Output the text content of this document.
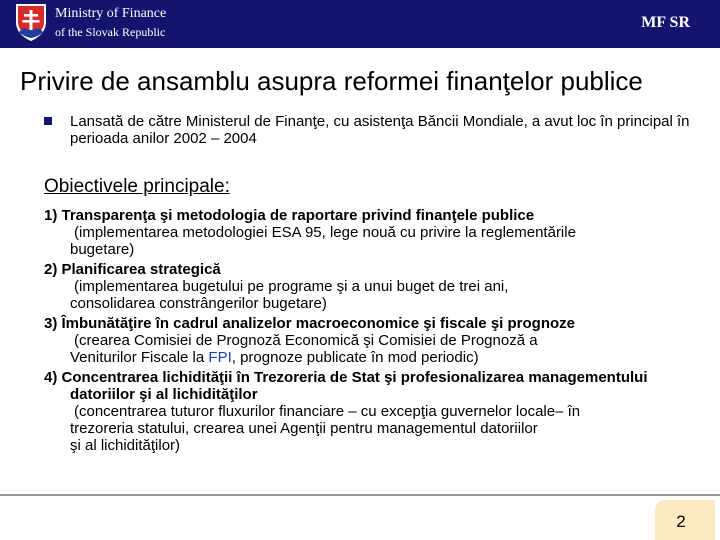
Ministry of Finance
of the Slovak Republic
MF SR
Privire de ansamblu asupra reformei finanţelor publice
Lansată de către Ministerul de Finanţe, cu asistenţa Băncii Mondiale, a avut loc în principal în perioada anilor 2002 – 2004
Obiectivele principale:
1) Transparenţa şi metodologia de raportare privind finanţele publice
(implementarea metodologiei ESA 95, lege nouă cu privire la reglementările
bugetare)
2) Planificarea strategică
(implementarea bugetului pe programe şi a unui buget de trei ani,
consolidarea constrângerilor bugetare)
3) Îmbunătăţire în cadrul analizelor macroeconomice şi fiscale şi prognoze
(crearea Comisiei de Prognoză Economică şi Comisiei de Prognoză a
Veniturilor Fiscale la FPI, prognoze publicate în mod periodic)
4) Concentrarea lichidităţii în Trezoreria de Stat şi profesionalizarea managementului datoriilor şi al lichidităţilor
(concentrarea tuturor fluxurilor financiare – cu excepţia guvernelor locale– în
trezoreria statului, crearea unei Agenţii pentru managementul datoriilor
şi al lichidităţilor)
2
